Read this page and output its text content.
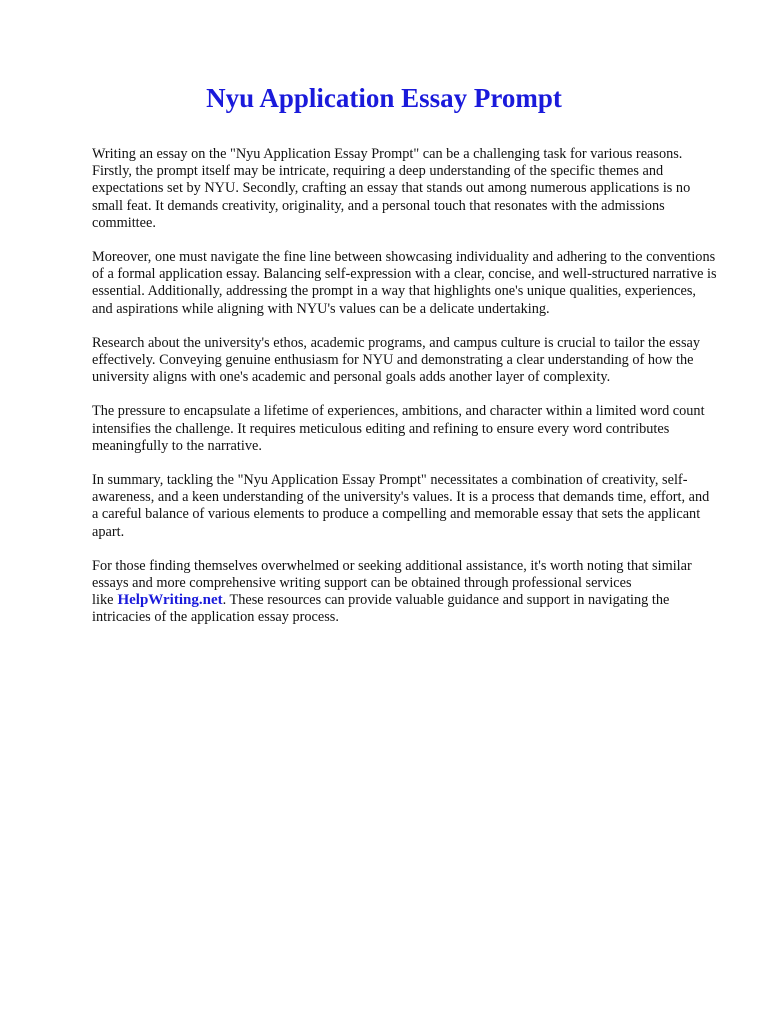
Nyu Application Essay Prompt

Writing an essay on the "Nyu Application Essay Prompt" can be a challenging task for various reasons. Firstly, the prompt itself may be intricate, requiring a deep understanding of the specific themes and expectations set by NYU. Secondly, crafting an essay that stands out among numerous applications is no small feat. It demands creativity, originality, and a personal touch that resonates with the admissions committee.

Moreover, one must navigate the fine line between showcasing individuality and adhering to the conventions of a formal application essay. Balancing self-expression with a clear, concise, and well-structured narrative is essential. Additionally, addressing the prompt in a way that highlights one's unique qualities, experiences, and aspirations while aligning with NYU's values can be a delicate undertaking.

Research about the university's ethos, academic programs, and campus culture is crucial to tailor the essay effectively. Conveying genuine enthusiasm for NYU and demonstrating a clear understanding of how the university aligns with one's academic and personal goals adds another layer of complexity.

The pressure to encapsulate a lifetime of experiences, ambitions, and character within a limited word count intensifies the challenge. It requires meticulous editing and refining to ensure every word contributes meaningfully to the narrative.

In summary, tackling the "Nyu Application Essay Prompt" necessitates a combination of creativity, self-awareness, and a keen understanding of the university's values. It is a process that demands time, effort, and a careful balance of various elements to produce a compelling and memorable essay that sets the applicant apart.

For those finding themselves overwhelmed or seeking additional assistance, it's worth noting that similar essays and more comprehensive writing support can be obtained through professional services like HelpWriting.net. These resources can provide valuable guidance and support in navigating the intricacies of the application essay process.
